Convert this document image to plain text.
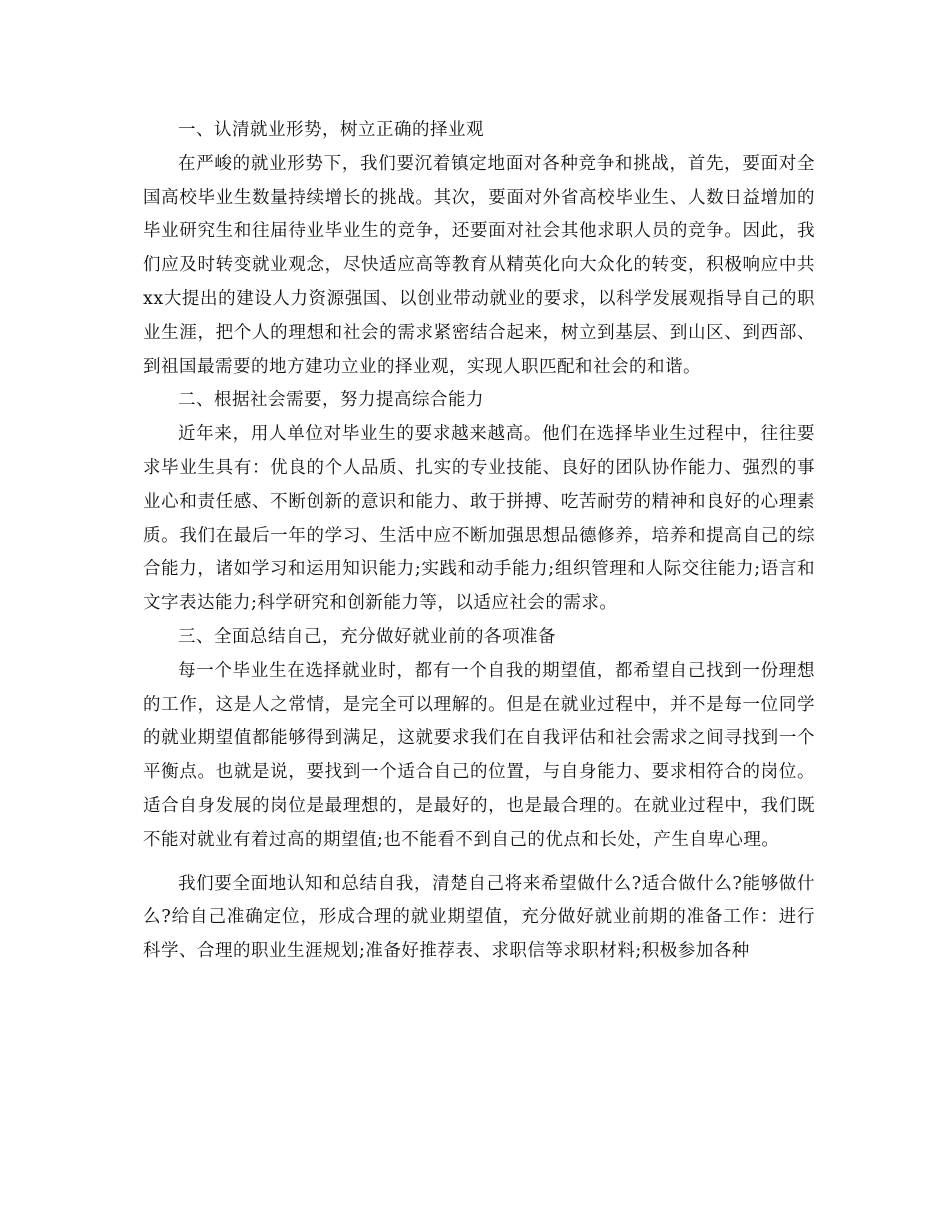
一、认清就业形势，树立正确的择业观

在严峻的就业形势下，我们要沉着镇定地面对各种竞争和挑战，首先，要面对全国高校毕业生数量持续增长的挑战。其次，要面对外省高校毕业生、人数日益增加的毕业研究生和往届待业毕业生的竞争，还要面对社会其他求职人员的竞争。因此，我们应及时转变就业观念，尽快适应高等教育从精英化向大众化的转变，积极响应中共xx大提出的建设人力资源强国、以创业带动就业的要求，以科学发展观指导自己的职业生涯，把个人的理想和社会的需求紧密结合起来，树立到基层、到山区、到西部、到祖国最需要的地方建功立业的择业观，实现人职匹配和社会的和谐。

二、根据社会需要，努力提高综合能力

近年来，用人单位对毕业生的要求越来越高。他们在选择毕业生过程中，往往要求毕业生具有：优良的个人品质、扎实的专业技能、良好的团队协作能力、强烈的事业心和责任感、不断创新的意识和能力、敢于拼搏、吃苦耐劳的精神和良好的心理素质。我们在最后一年的学习、生活中应不断加强思想品德修养，培养和提高自己的综合能力，诸如学习和运用知识能力;实践和动手能力;组织管理和人际交往能力;语言和文字表达能力;科学研究和创新能力等，以适应社会的需求。

三、全面总结自己，充分做好就业前的各项准备

每一个毕业生在选择就业时，都有一个自我的期望值，都希望自己找到一份理想的工作，这是人之常情，是完全可以理解的。但是在就业过程中，并不是每一位同学的就业期望值都能够得到满足，这就要求我们在自我评估和社会需求之间寻找到一个平衡点。也就是说，要找到一个适合自己的位置，与自身能力、要求相符合的岗位。适合自身发展的岗位是最理想的，是最好的，也是最合理的。在就业过程中，我们既不能对就业有着过高的期望值;也不能看不到自己的优点和长处，产生自卑心理。

我们要全面地认知和总结自我，清楚自己将来希望做什么?适合做什么?能够做什么?给自己准确定位，形成合理的就业期望值，充分做好就业前期的准备工作：进行科学、合理的职业生涯规划;准备好推荐表、求职信等求职材料;积极参加各种
